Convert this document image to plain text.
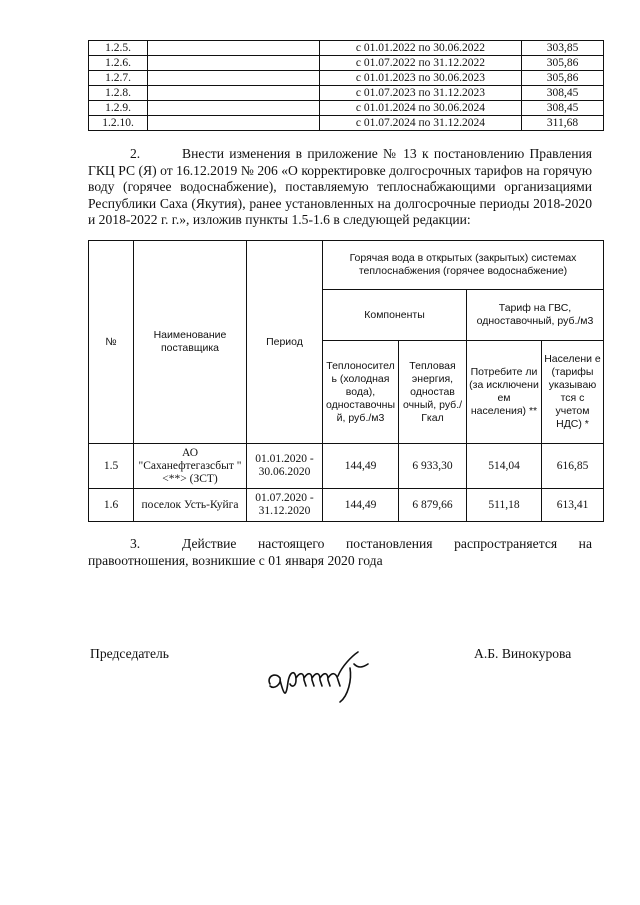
1.2.5.		с 01.01.2022 по 30.06.2022	303,85
1.2.6.		с 01.07.2022 по 31.12.2022	305,86
1.2.7.		с 01.01.2023 по 30.06.2023	305,86
1.2.8.		с 01.07.2023 по 31.12.2023	308,45
1.2.9.		с 01.01.2024 по 30.06.2024	308,45
1.2.10.		с 01.07.2024 по 31.12.2024	311,68
2.	Внести изменения в приложение № 13 к постановлению Правления ГКЦ РС (Я) от 16.12.2019 № 206 «О корректировке долгосрочных тарифов на горячую воду (горячее водоснабжение), поставляемую теплоснабжающими организациями Республики Саха (Якутия), ранее установленных на долгосрочные периоды 2018-2020 и 2018-2022 г. г.», изложив пункты 1.5-1.6 в следующей редакции:
№	Наименование поставщика	Период	Горячая вода в открытых (закрытых) системах теплоснабжения (горячее водоснабжение)			
			Компоненты		Тариф на ГВС, одноставочный, руб./м3	
			Теплоносител ь (холодная вода), одноставочны й, руб./м3	Тепловая энергия, одностав очный, руб./Гкал	Потребите ли (за исключени ем населения) **	Населени е (тарифы указывaю тся с учетом НДС) *
1.5	АО "Саханефтегазсбыт " <**> (ЗСТ)	01.01.2020 - 30.06.2020	144,49	6 933,30	514,04	616,85
1.6	поселок Усть-Куйга	01.07.2020 - 31.12.2020	144,49	6 879,66	511,18	613,41
3.	Действие настоящего постановления распространяется на правоотношения, возникшие с 01 января 2020 года
Председатель	А.Б. Винокурова
